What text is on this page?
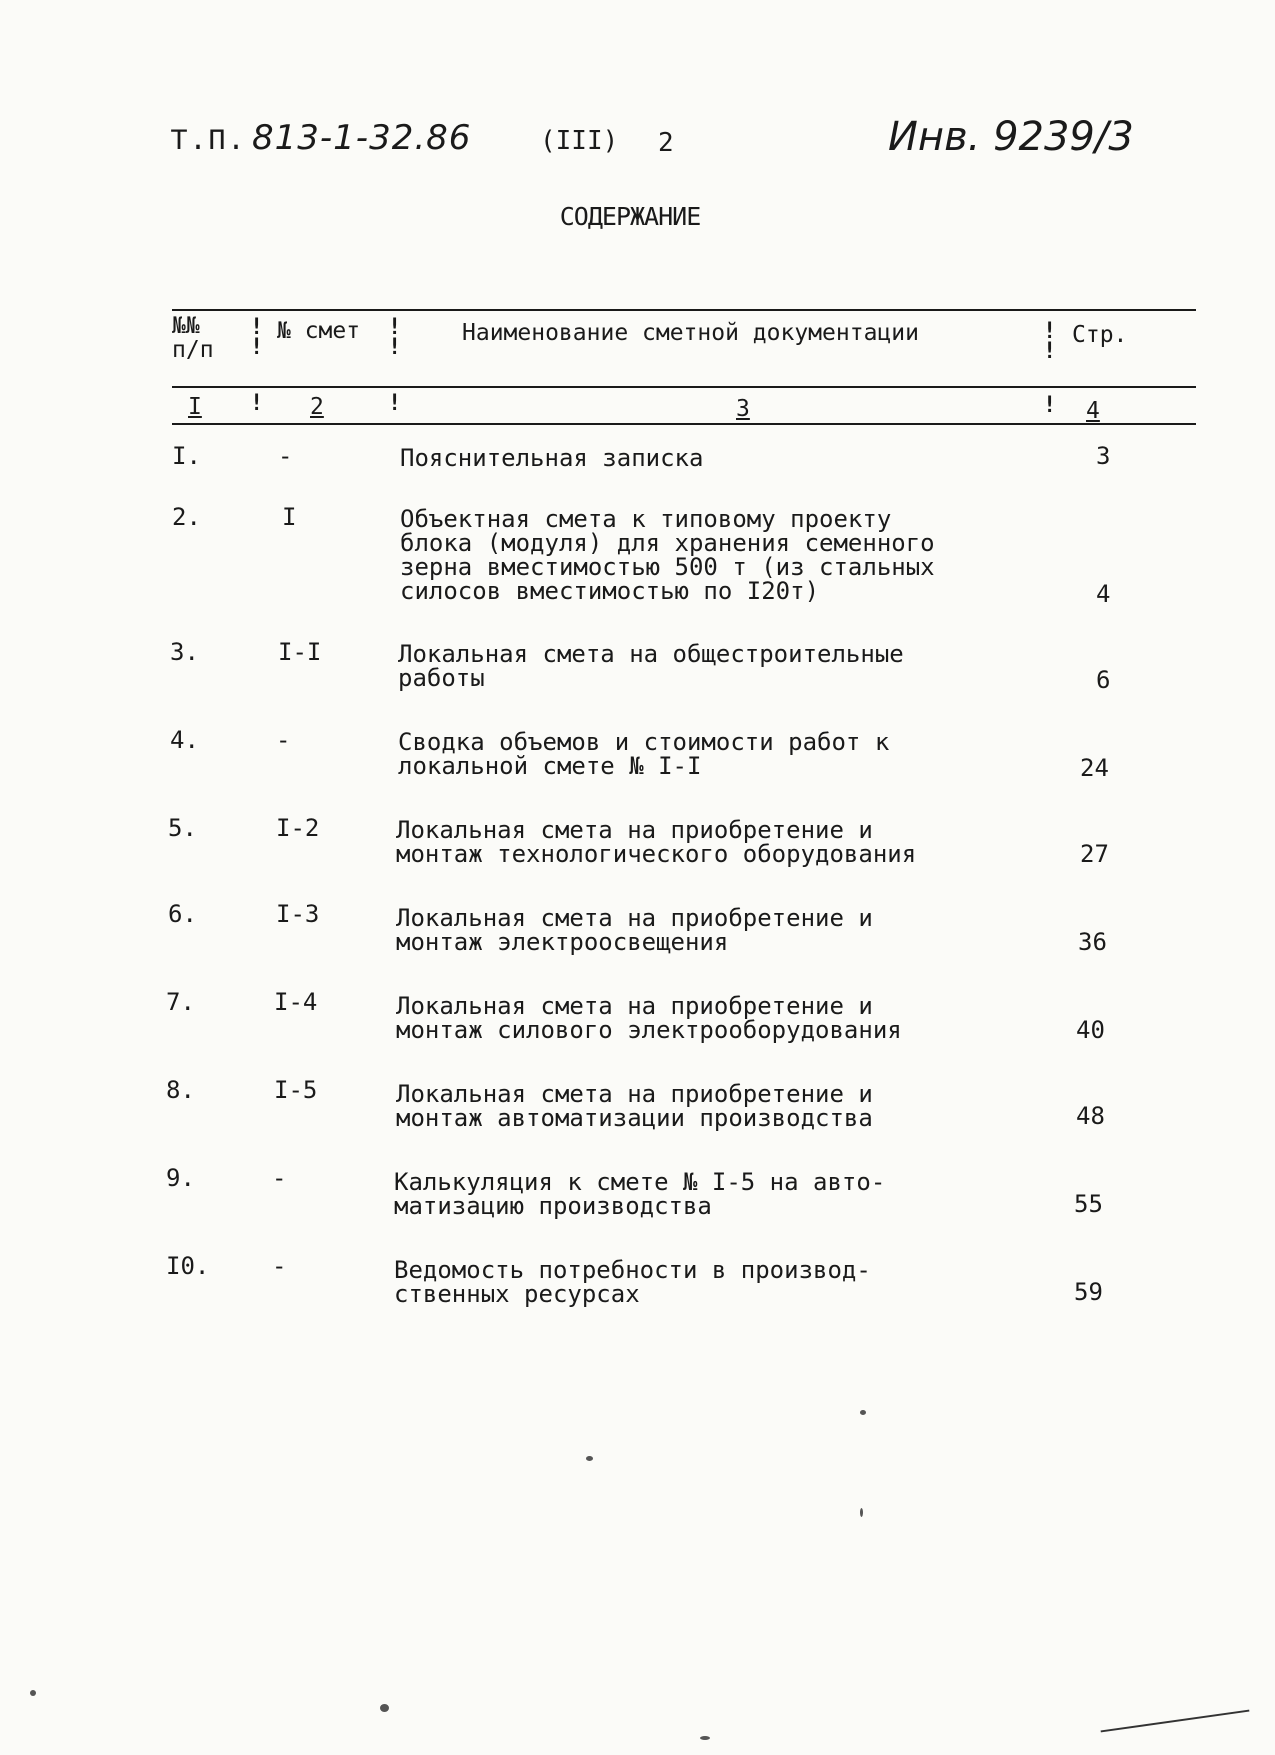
Т.П. 813-1-32.86	(III) 2	Инв. 9239/3
СОДЕРЖАНИЕ
№№
п/п
№ смет	Наименование сметной документации	Стр.
!
!
!
!
!
!
I ! 2	!	3	! 4
I.	-	Пояснительная записка	3
2.	I	Объектная смета к типовому проекту
блока (модуля) для хранения семенного
зерна вместимостью 500 т (из стальных
силосов вместимостью по I20т)	4
3.	I-I	Локальная смета на общестроительные
работы	6
4.	-	Сводка объемов и стоимости работ к
локальной смете № I-I	24
5.	I-2	Локальная смета на приобретение и
монтаж технологического оборудования	27
6.	I-3	Локальная смета на приобретение и
монтаж электроосвещения	36
7.	I-4	Локальная смета на приобретение и
монтаж силового электрооборудования	40
8.	I-5	Локальная смета на приобретение и
монтаж автоматизации производства	48
9.	-	Калькуляция к смете № I-5 на авто-
матизацию производства	55
I0.	-	Ведомость потребности в производ-
ственных ресурсах	59
